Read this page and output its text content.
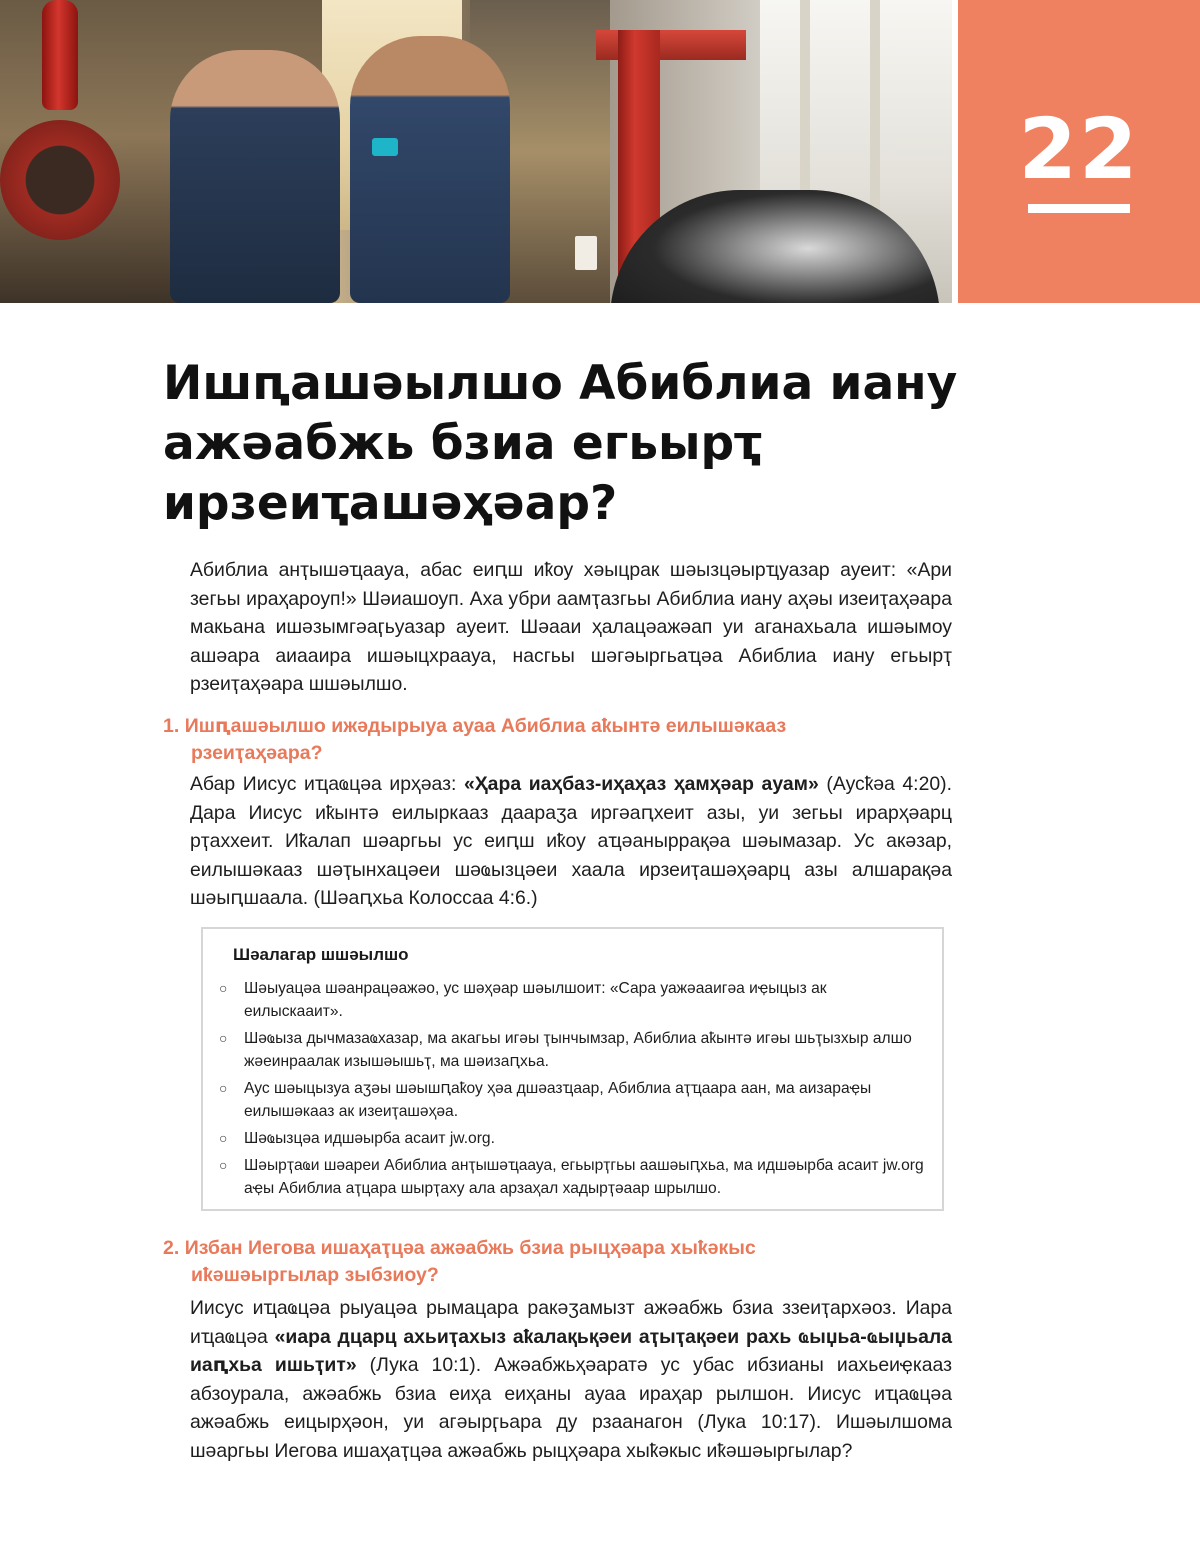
22
Ишԥашәылшо Абиблиа иану ажәабжь бзиа егьырҭ ирзеиҭашәҳәар?

Абиблиа анҭышәҵаауа, абас еиԥш иҟоу хәыцрак шәызцәырҵуазар ауеит: «Ари зегьы ираҳароуп!» Шәиашоуп. Аха убри аамҭазгьы Абиблиа иану аҳәы изеиҭаҳәара макьана ишәзымгәаӷьуазар ауеит. Шәааи ҳалацәажәап уи аганахьала ишәымоу ашәара аиааира ишәыцхраауа, насгьы шәгәыргьаҵәа Абиблиа иану егьырҭ рзеиҭаҳәара шшәылшо.

1. Ишԥашәылшо ижәдырыуа ауаа Абиблиа аҟынтә еилышәкааз
рзеиҭаҳәара?

Абар Иисус иҵаҩцәа ирҳәаз: «Ҳара иаҳбаз-иҳаҳаз ҳамҳәар ауам» (Аусҟәа 4:20). Дара Иисус иҟынтә еилыркааз даараӡа иргәаԥхеит азы, уи зегьы ирарҳәарц рҭаххеит. Иҟалап шәаргьы ус еиԥш иҟоу аҵәаныррақәа шәымазар. Ус акәзар, еилышәкааз шәҭынхацәеи шәҩызцәеи хаала ирзеиҭашәҳәарц азы алшарақәа шәыԥшаала. (Шәаԥхьа Колоссаа 4:6.)

Шәалагар шшәылшо
○ Шәыуацәа шәанрацәажәо, ус шәҳәар шәылшоит: «Сара уажәааигәа иҿыцыз ак еилыскааит».
○ Шәҩыза дычмазаҩхазар, ма акагьы игәы ҭынчымзар, Абиблиа аҟынтә игәы шьҭызхыр алшо жәеинраалак изышәышьҭ, ма шәизаԥхьа.
○ Аус шәыцызуа аӡәы шәышԥаҟоу ҳәа дшәазҵаар, Абиблиа аҭҵаара аан, ма аизараҿы еилышәкааз ак изеиҭашәҳәа.
○ Шәҩызцәа идшәырба асаит jw.org.
○ Шәырҭаҩи шәареи Абиблиа анҭышәҵаауа, егьырҭгьы аашәыԥхьа, ма идшәырба асаит jw.org аҿы Абиблиа аҭцара шырҭаху ала арзаҳал хадырҭәаар шрылшо.
2. Избан Иегова ишаҳаҭцәа ажәабжь бзиа рыцҳәара хыҟәкыс
иҟәшәыргылар зыбзиоу?

Иисус иҵаҩцәа рыуацәа рымацара ракәӡамызт ажәабжь бзиа ззеиҭархәоз. Иара иҵаҩцәа «иара дцарц ахьиҭахыз аҟалақьқәеи аҭыҭақәеи рахь ҩыџьа-ҩыџьала иаԥхьа ишьҭит» (Лука 10:1). Ажәабжьҳәаратә ус убас ибзианы иахьеиҿкааз абзоурала, ажәабжь бзиа еиҳа еиҳаны ауаа ираҳар рылшон. Иисус иҵаҩцәа ажәабжь еицырҳәон, уи агәырӷьара ду рзаанагон (Лука 10:17). Ишәылшома шәаргьы Иегова ишаҳаҭцәа ажәабжь рыцҳәара хыҟәкыс иҟәшәыргылар?
